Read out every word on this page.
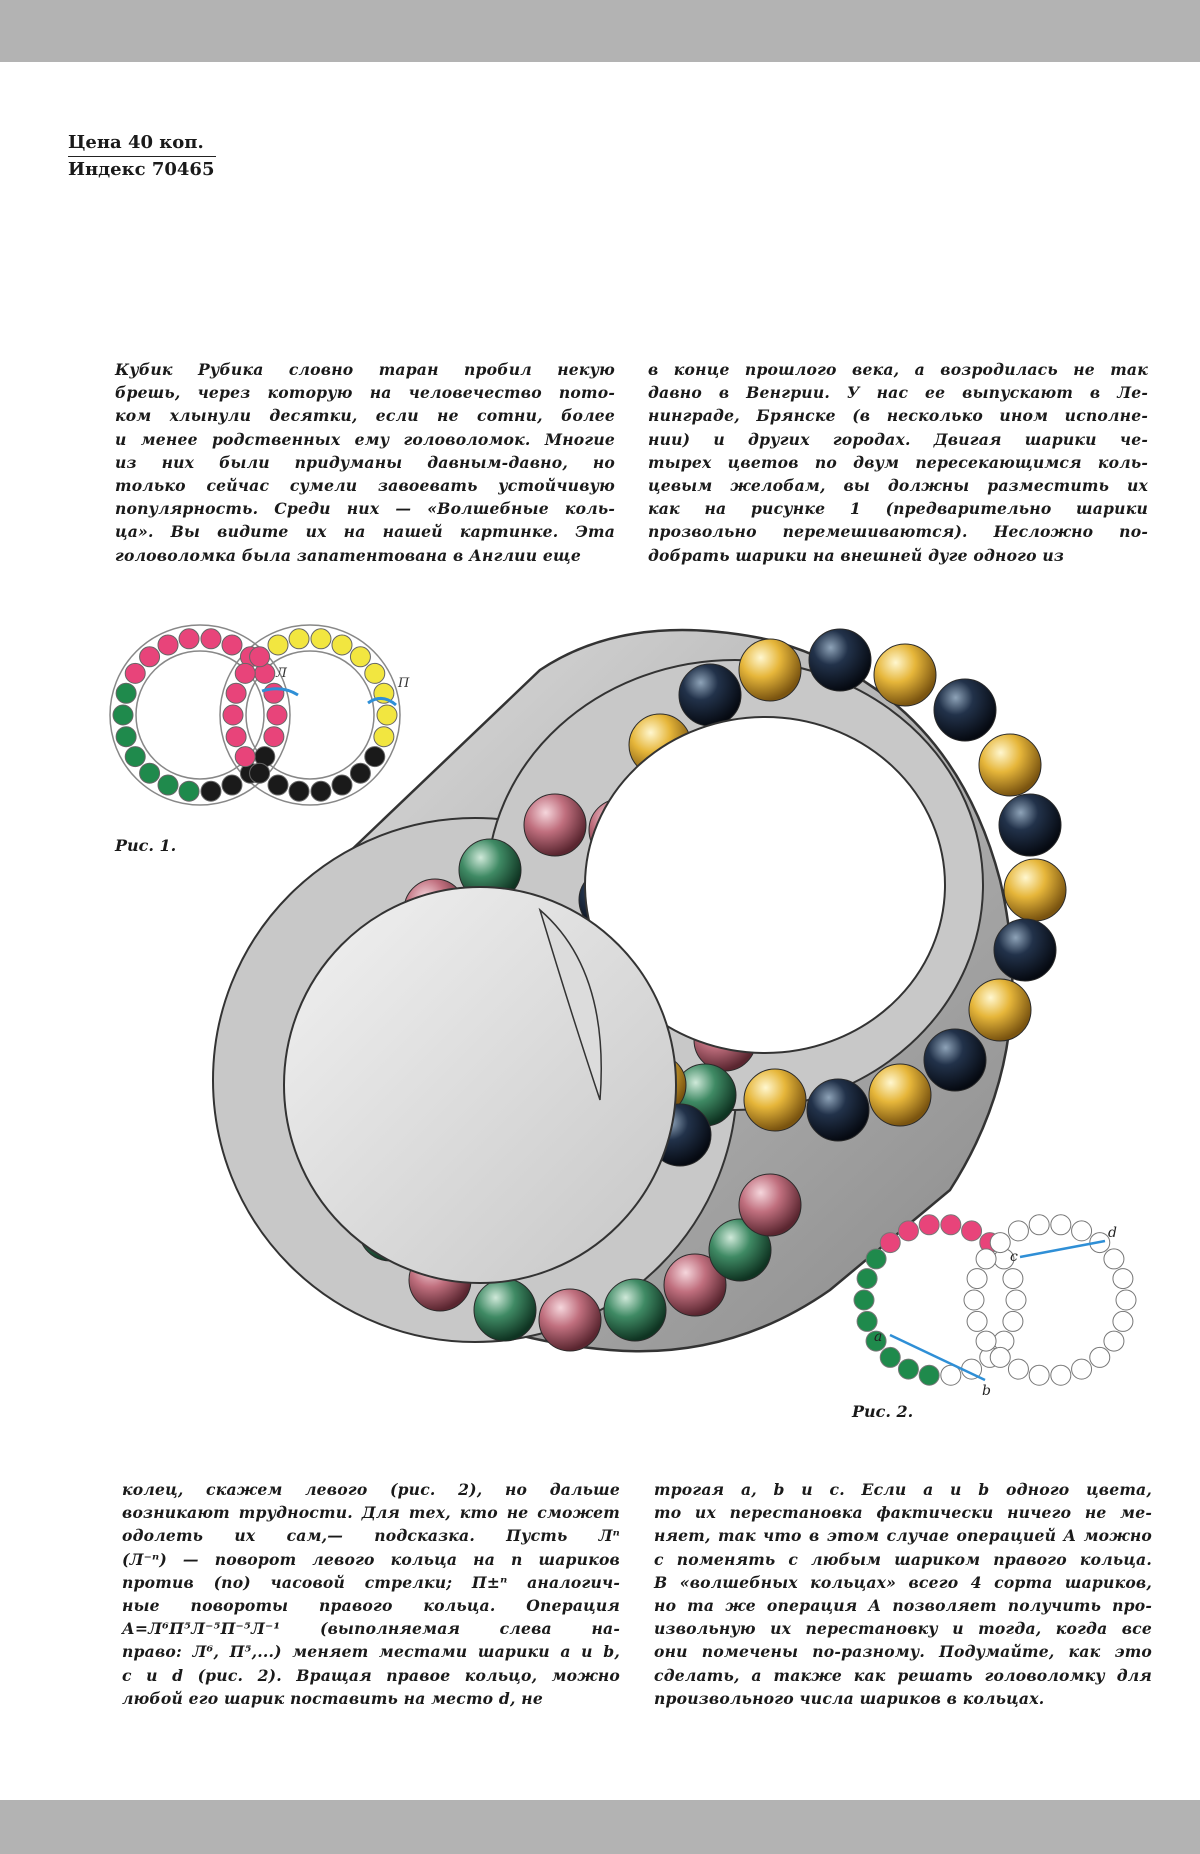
Цена 40 коп.
Индекс 70465
Кубик Рубика словно таран пробил некую
брешь, через которую на человечество пото-
ком хлынули десятки, если не сотни, более
и менее родственных ему головоломок. Многие
из них были придуманы давным-давно, но
только сейчас сумели завоевать устойчивую
популярность. Среди них — «Волшебные коль-
ца». Вы видите их на нашей картинке. Эта
головоломка была запатентована в Англии еще
в конце прошлого века, а возродилась не так
давно в Венгрии. У нас ее выпускают в Ле-
нинграде, Брянске (в несколько ином исполне-
нии) и других городах. Двигая шарики че-
тырех цветов по двум пересекающимся коль-
цевым желобам, вы должны разместить их
как на рисунке 1 (предварительно шарики
прозвольно перемешиваются). Несложно по-
добрать шарики на внешней дуге одного из
колец, скажем левого (рис. 2), но дальше
возникают трудности. Для тех, кто не сможет
одолеть их сам,— подсказка. Пусть Лⁿ
(Л⁻ⁿ) — поворот левого кольца на n шариков
против (по) часовой стрелки; П±ⁿ аналогич-
ные повороты правого кольца. Операция
А=Л⁶П⁵Л⁻⁵П⁻⁵Л⁻¹ (выполняемая слева на-
право: Л⁶, П⁵,...) меняет местами шарики a и b,
c и d (рис. 2). Вращая правое кольцо, можно
любой его шарик поставить на место d, не
трогая a, b и c. Если a и b одного цвета,
то их перестановка фактически ничего не ме-
няет, так что в этом случае операцией А можно
с поменять с любым шариком правого кольца.
В «волшебных кольцах» всего 4 сорта шариков,
но та же операция А позволяет получить про-
извольную их перестановку и тогда, когда все
они помечены по-разному. Подумайте, как это
сделать, а также как решать головоломку для
произвольного числа шариков в кольцах.
Л
П
Рис. 1.
a
b
c
d
Рис. 2.
